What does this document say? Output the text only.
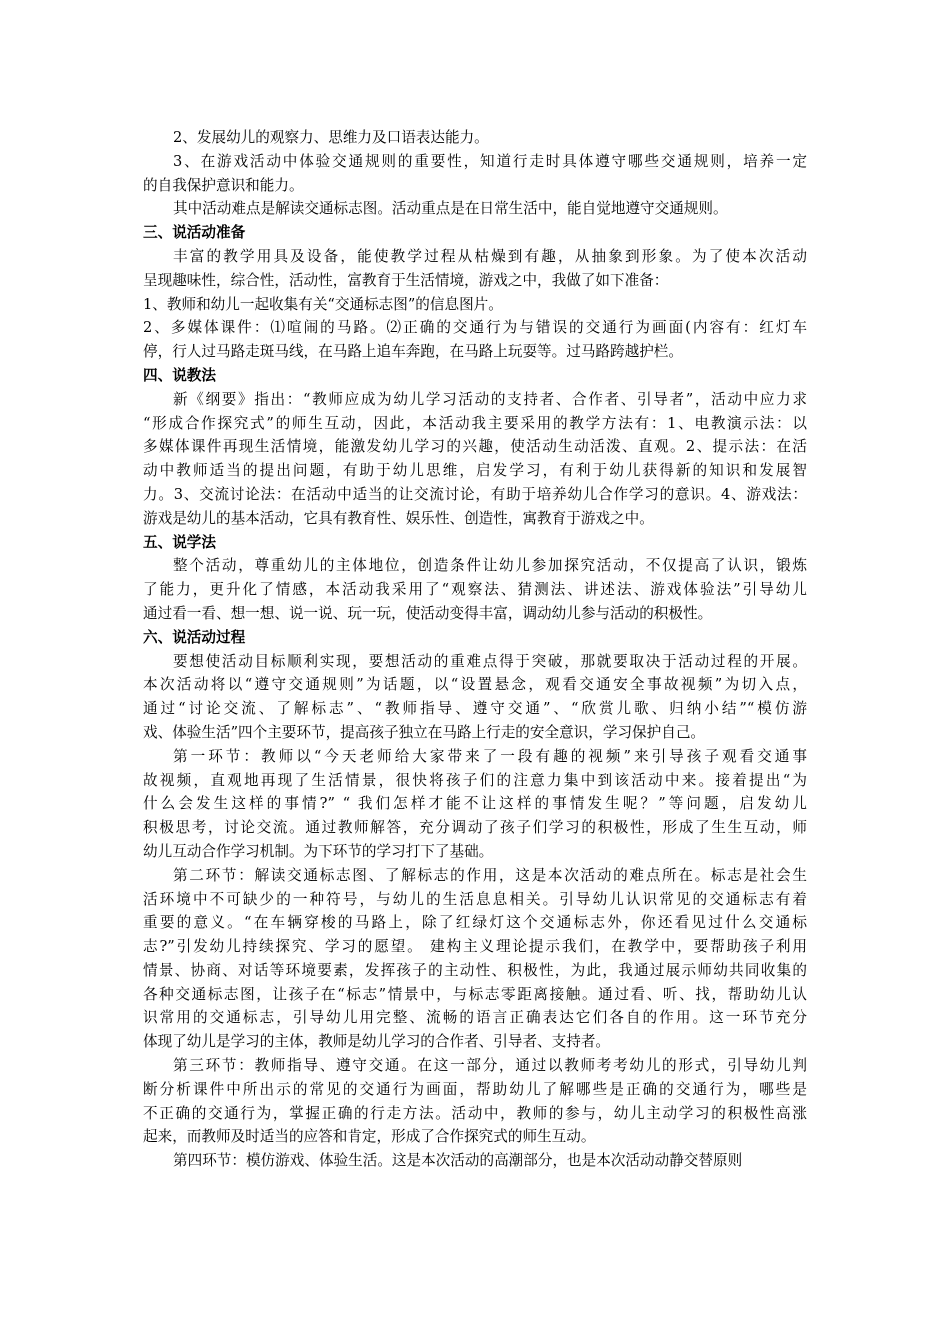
2、发展幼儿的观察力、思维力及口语表达能力。
3、在游戏活动中体验交通规则的重要性，知道行走时具体遵守哪些交通规则，培养一定
的自我保护意识和能力。
其中活动难点是解读交通标志图。活动重点是在日常生活中，能自觉地遵守交通规则。
三、说活动准备
丰富的教学用具及设备，能使教学过程从枯燥到有趣，从抽象到形象。为了使本次活动
呈现趣味性，综合性，活动性，富教育于生活情境，游戏之中，我做了如下准备：
1、教师和幼儿一起收集有关“交通标志图”的信息图片。
2、多媒体课件：⑴喧闹的马路。⑵正确的交通行为与错误的交通行为画面(内容有：红灯车
停，行人过马路走斑马线，在马路上追车奔跑，在马路上玩耍等。过马路跨越护栏。
四、说教法
新《纲要》指出：“教师应成为幼儿学习活动的支持者、合作者、引导者”，活动中应力求
“形成合作探究式”的师生互动，因此，本活动我主要采用的教学方法有：1、电教演示法：以
多媒体课件再现生活情境，能激发幼儿学习的兴趣，使活动生动活泼、直观。2、提示法：在活
动中教师适当的提出问题，有助于幼儿思维，启发学习，有利于幼儿获得新的知识和发展智
力。3、交流讨论法：在活动中适当的让交流讨论，有助于培养幼儿合作学习的意识。4、游戏法：
游戏是幼儿的基本活动，它具有教育性、娱乐性、创造性，寓教育于游戏之中。
五、说学法
整个活动，尊重幼儿的主体地位，创造条件让幼儿参加探究活动，不仅提高了认识，锻炼
了能力，更升化了情感，本活动我采用了“观察法、猜测法、讲述法、游戏体验法”引导幼儿
通过看一看、想一想、说一说、玩一玩，使活动变得丰富，调动幼儿参与活动的积极性。
六、说活动过程
要想使活动目标顺利实现，要想活动的重难点得于突破，那就要取决于活动过程的开展。
本次活动将以“遵守交通规则”为话题，以“设置悬念，观看交通安全事故视频”为切入点，
通过“讨论交流、了解标志”、“教师指导、遵守交通”、“欣赏儿歌、归纳小结”“模仿游
戏、体验生活”四个主要环节，提高孩子独立在马路上行走的安全意识，学习保护自己。
第一环节：教师以“今天老师给大家带来了一段有趣的视频”来引导孩子观看交通事
故视频，直观地再现了生活情景，很快将孩子们的注意力集中到该活动中来。接着提出“为
什么会发生这样的事情?” “ 我们怎样才能不让这样的事情发生呢？”等问题，启发幼儿
积极思考，讨论交流。通过教师解答，充分调动了孩子们学习的积极性，形成了生生互动，师
幼儿互动合作学习机制。为下环节的学习打下了基础。
第二环节：解读交通标志图、了解标志的作用，这是本次活动的难点所在。标志是社会生
活环境中不可缺少的一种符号，与幼儿的生活息息相关。引导幼儿认识常见的交通标志有着
重要的意义。“在车辆穿梭的马路上，除了红绿灯这个交通标志外，你还看见过什么交通标
志?”引发幼儿持续探究、学习的愿望。 建构主义理论提示我们，在教学中，要帮助孩子利用
情景、协商、对话等环境要素，发挥孩子的主动性、积极性，为此，我通过展示师幼共同收集的
各种交通标志图，让孩子在“标志”情景中，与标志零距离接触。通过看、听、找，帮助幼儿认
识常用的交通标志，引导幼儿用完整、流畅的语言正确表达它们各自的作用。这一环节充分
体现了幼儿是学习的主体，教师是幼儿学习的合作者、引导者、支持者。
第三环节：教师指导、遵守交通。在这一部分，通过以教师考考幼儿的形式，引导幼儿判
断分析课件中所出示的常见的交通行为画面，帮助幼儿了解哪些是正确的交通行为，哪些是
不正确的交通行为，掌握正确的行走方法。活动中，教师的参与，幼儿主动学习的积极性高涨
起来，而教师及时适当的应答和肯定，形成了合作探究式的师生互动。
第四环节：模仿游戏、体验生活。这是本次活动的高潮部分，也是本次活动动静交替原则
